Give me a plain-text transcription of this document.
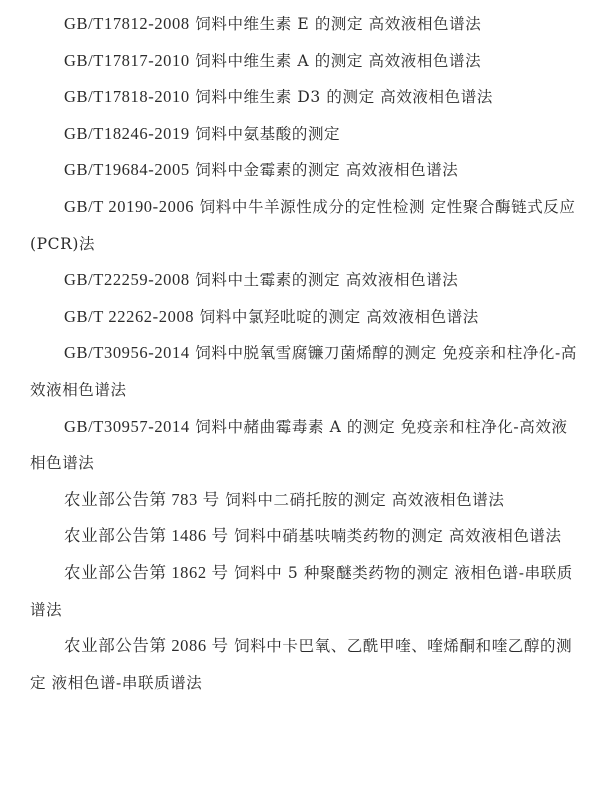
GB/T17812-2008 饲料中维生素 E 的测定 高效液相色谱法

GB/T17817-2010 饲料中维生素 A 的测定 高效液相色谱法

GB/T17818-2010 饲料中维生素 D3 的测定 高效液相色谱法

GB/T18246-2019 饲料中氨基酸的测定

GB/T19684-2005 饲料中金霉素的测定 高效液相色谱法

GB/T 20190-2006 饲料中牛羊源性成分的定性检测 定性聚合酶链式反应(PCR)法

GB/T22259-2008 饲料中土霉素的测定 高效液相色谱法

GB/T 22262-2008 饲料中氯羟吡啶的测定 高效液相色谱法

GB/T30956-2014 饲料中脱氧雪腐镰刀菌烯醇的测定 免疫亲和柱净化-高效液相色谱法

GB/T30957-2014 饲料中赭曲霉毒素 A 的测定 免疫亲和柱净化-高效液相色谱法

农业部公告第 783 号 饲料中二硝托胺的测定 高效液相色谱法

农业部公告第 1486 号 饲料中硝基呋喃类药物的测定 高效液相色谱法

农业部公告第 1862 号 饲料中 5 种聚醚类药物的测定 液相色谱-串联质谱法

农业部公告第 2086 号 饲料中卡巴氧、乙酰甲喹、喹烯酮和喹乙醇的测定 液相色谱-串联质谱法
